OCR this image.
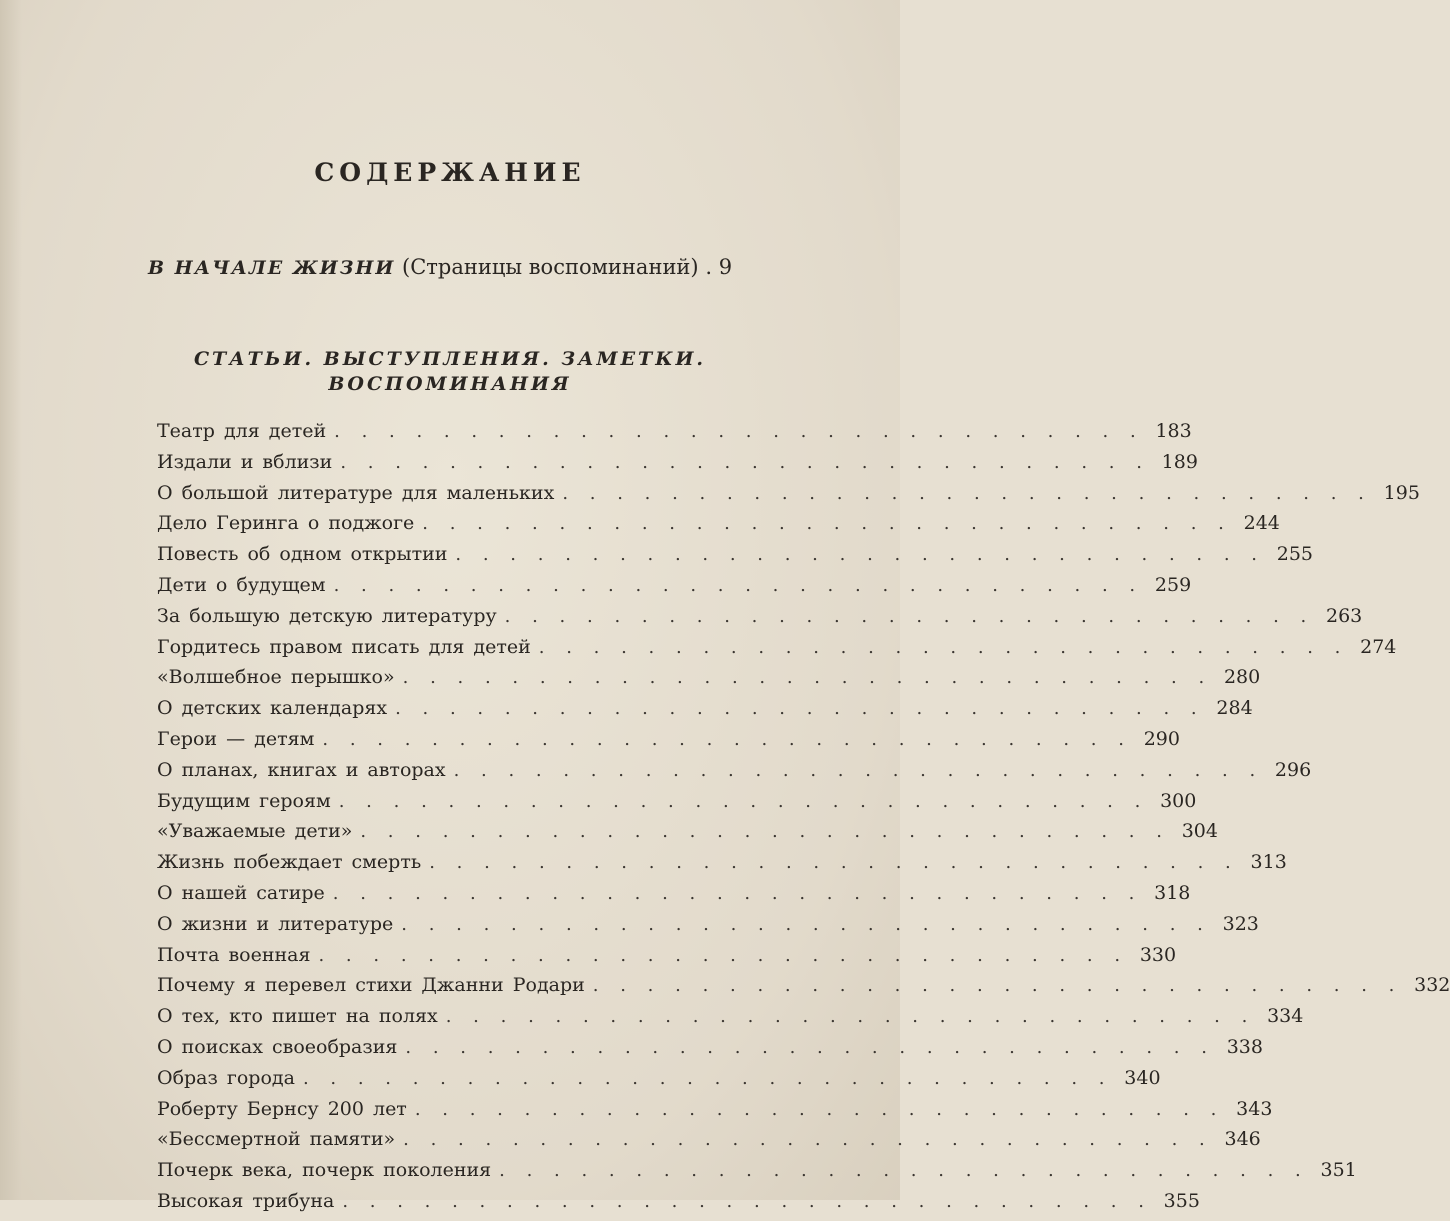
СОДЕРЖАНИЕ
В НАЧАЛЕ ЖИЗНИ (Страницы воспоминаний) . 9
СТАТЬИ. ВЫСТУПЛЕНИЯ. ЗАМЕТКИ.
ВОСПОМИНАНИЯ
Театр для детей . . . . . . . . . . . . . . . . . . . . . . . . . . . . . . 183
Издали и вблизи . . . . . . . . . . . . . . . . . . . . . . . . . . . . . . 189
О большой литературе для маленьких . . . . . . . . . . . . . . . . . . . . . . . . . . . . . . 195
Дело Геринга о поджоге . . . . . . . . . . . . . . . . . . . . . . . . . . . . . . 244
Повесть об одном открытии . . . . . . . . . . . . . . . . . . . . . . . . . . . . . . 255
Дети о будущем . . . . . . . . . . . . . . . . . . . . . . . . . . . . . . 259
За большую детскую литературу . . . . . . . . . . . . . . . . . . . . . . . . . . . . . . 263
Гордитесь правом писать для детей . . . . . . . . . . . . . . . . . . . . . . . . . . . . . . 274
«Волшебное перышко» . . . . . . . . . . . . . . . . . . . . . . . . . . . . . . 280
О детских календарях . . . . . . . . . . . . . . . . . . . . . . . . . . . . . . 284
Герои — детям . . . . . . . . . . . . . . . . . . . . . . . . . . . . . . 290
О планах, книгах и авторах . . . . . . . . . . . . . . . . . . . . . . . . . . . . . . 296
Будущим героям . . . . . . . . . . . . . . . . . . . . . . . . . . . . . . 300
«Уважаемые дети» . . . . . . . . . . . . . . . . . . . . . . . . . . . . . . 304
Жизнь побеждает смерть . . . . . . . . . . . . . . . . . . . . . . . . . . . . . . 313
О нашей сатире . . . . . . . . . . . . . . . . . . . . . . . . . . . . . . 318
О жизни и литературе . . . . . . . . . . . . . . . . . . . . . . . . . . . . . . 323
Почта военная . . . . . . . . . . . . . . . . . . . . . . . . . . . . . . 330
Почему я перевел стихи Джанни Родари . . . . . . . . . . . . . . . . . . . . . . . . . . . . . . 332
О тех, кто пишет на полях . . . . . . . . . . . . . . . . . . . . . . . . . . . . . . 334
О поисках своеобразия . . . . . . . . . . . . . . . . . . . . . . . . . . . . . . 338
Образ города . . . . . . . . . . . . . . . . . . . . . . . . . . . . . . 340
Роберту Бернсу 200 лет . . . . . . . . . . . . . . . . . . . . . . . . . . . . . . 343
«Бессмертной памяти» . . . . . . . . . . . . . . . . . . . . . . . . . . . . . . 346
Почерк века, почерк поколения . . . . . . . . . . . . . . . . . . . . . . . . . . . . . . 351
Высокая трибуна . . . . . . . . . . . . . . . . . . . . . . . . . . . . . . 355
